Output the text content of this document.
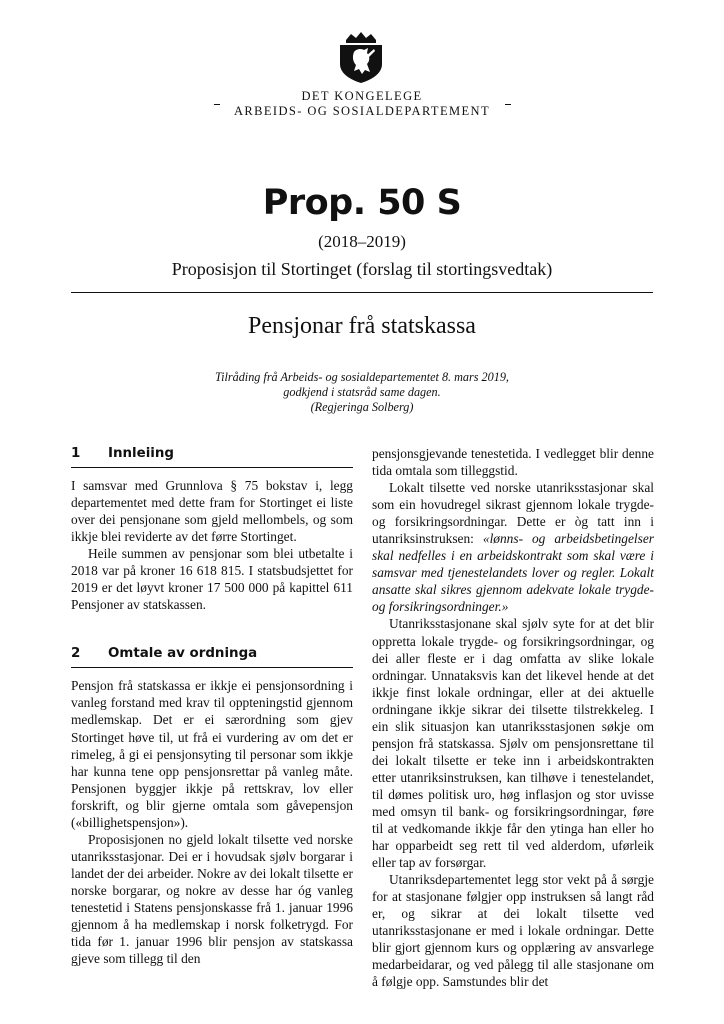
DET KONGELEGE
ARBEIDS- OG SOSIALDEPARTEMENT
Prop. 50 S
(2018–2019)
Proposisjon til Stortinget (forslag til stortingsvedtak)
Pensjonar frå statskassa
Tilråding frå Arbeids- og sosialdepartementet 8. mars 2019,
godkjend i statsråd same dagen.
(Regjeringa Solberg)
1	Innleiing

I samsvar med Grunnlova § 75 bokstav i, legg departementet med dette fram for Stortinget ei liste over dei pensjonane som gjeld mellombels, og som ikkje blei reviderte av det førre Stortinget.

Heile summen av pensjonar som blei utbetalte i 2018 var på kroner 16 618 815. I statsbudsjettet for 2019 er det løyvt kroner 17 500 000 på kapittel 611 Pensjoner av statskassen.

2	Omtale av ordninga

Pensjon frå statskassa er ikkje ei pensjonsordning i vanleg forstand med krav til oppteningstid gjennom medlemskap. Det er ei særordning som gjev Stortinget høve til, ut frå ei vurdering av om det er rimeleg, å gi ei pensjonsyting til personar som ikkje har kunna tene opp pensjonsrettar på vanleg måte. Pensjonen byggjer ikkje på rettskrav, lov eller forskrift, og blir gjerne omtala som gåvepensjon («billighetspensjon»).

Proposisjonen no gjeld lokalt tilsette ved norske utanriksstasjonar. Dei er i hovudsak sjølv borgarar i landet der dei arbeider. Nokre av dei lokalt tilsette er norske borgarar, og nokre av desse har óg vanleg tenestetid i Statens pensjonskasse frå 1. januar 1996 gjennom å ha medlemskap i norsk folketrygd. For tida før 1. januar 1996 blir pensjon av statskassa gjeve som tillegg til den

pensjonsgjevande tenestetida. I vedlegget blir denne tida omtala som tilleggstid.

Lokalt tilsette ved norske utanriksstasjonar skal som ein hovudregel sikrast gjennom lokale trygde- og forsikringsordningar. Dette er òg tatt inn i utanriksinstruksen: «lønns- og arbeidsbetingelser skal nedfelles i en arbeidskontrakt som skal være i samsvar med tjenestelandets lover og regler. Lokalt ansatte skal sikres gjennom adekvate lokale trygde- og forsikringsordninger.»

Utanriksstasjonane skal sjølv syte for at det blir oppretta lokale trygde- og forsikringsordningar, og dei aller fleste er i dag omfatta av slike lokale ordningar. Unnataksvis kan det likevel hende at det ikkje finst lokale ordningar, eller at dei aktuelle ordningane ikkje sikrar dei tilsette tilstrekkeleg. I ein slik situasjon kan utanriksstasjonen søkje om pensjon frå statskassa. Sjølv om pensjonsrettane til dei lokalt tilsette er teke inn i arbeidskontrakten etter utanriksinstruksen, kan tilhøve i tenestelandet, til dømes politisk uro, høg inflasjon og stor uvisse med omsyn til bank- og forsikringsordningar, føre til at vedkomande ikkje får den ytinga han eller ho har opparbeidt seg rett til ved alderdom, uførleik eller tap av forsørgar.

Utanriksdepartementet legg stor vekt på å sørgje for at stasjonane følgjer opp instruksen så langt råd er, og sikrar at dei lokalt tilsette ved utanriksstasjonane er med i lokale ordningar. Dette blir gjort gjennom kurs og opplæring av ansvarlege medarbeidarar, og ved pålegg til alle stasjonane om å følgje opp. Samstundes blir det
